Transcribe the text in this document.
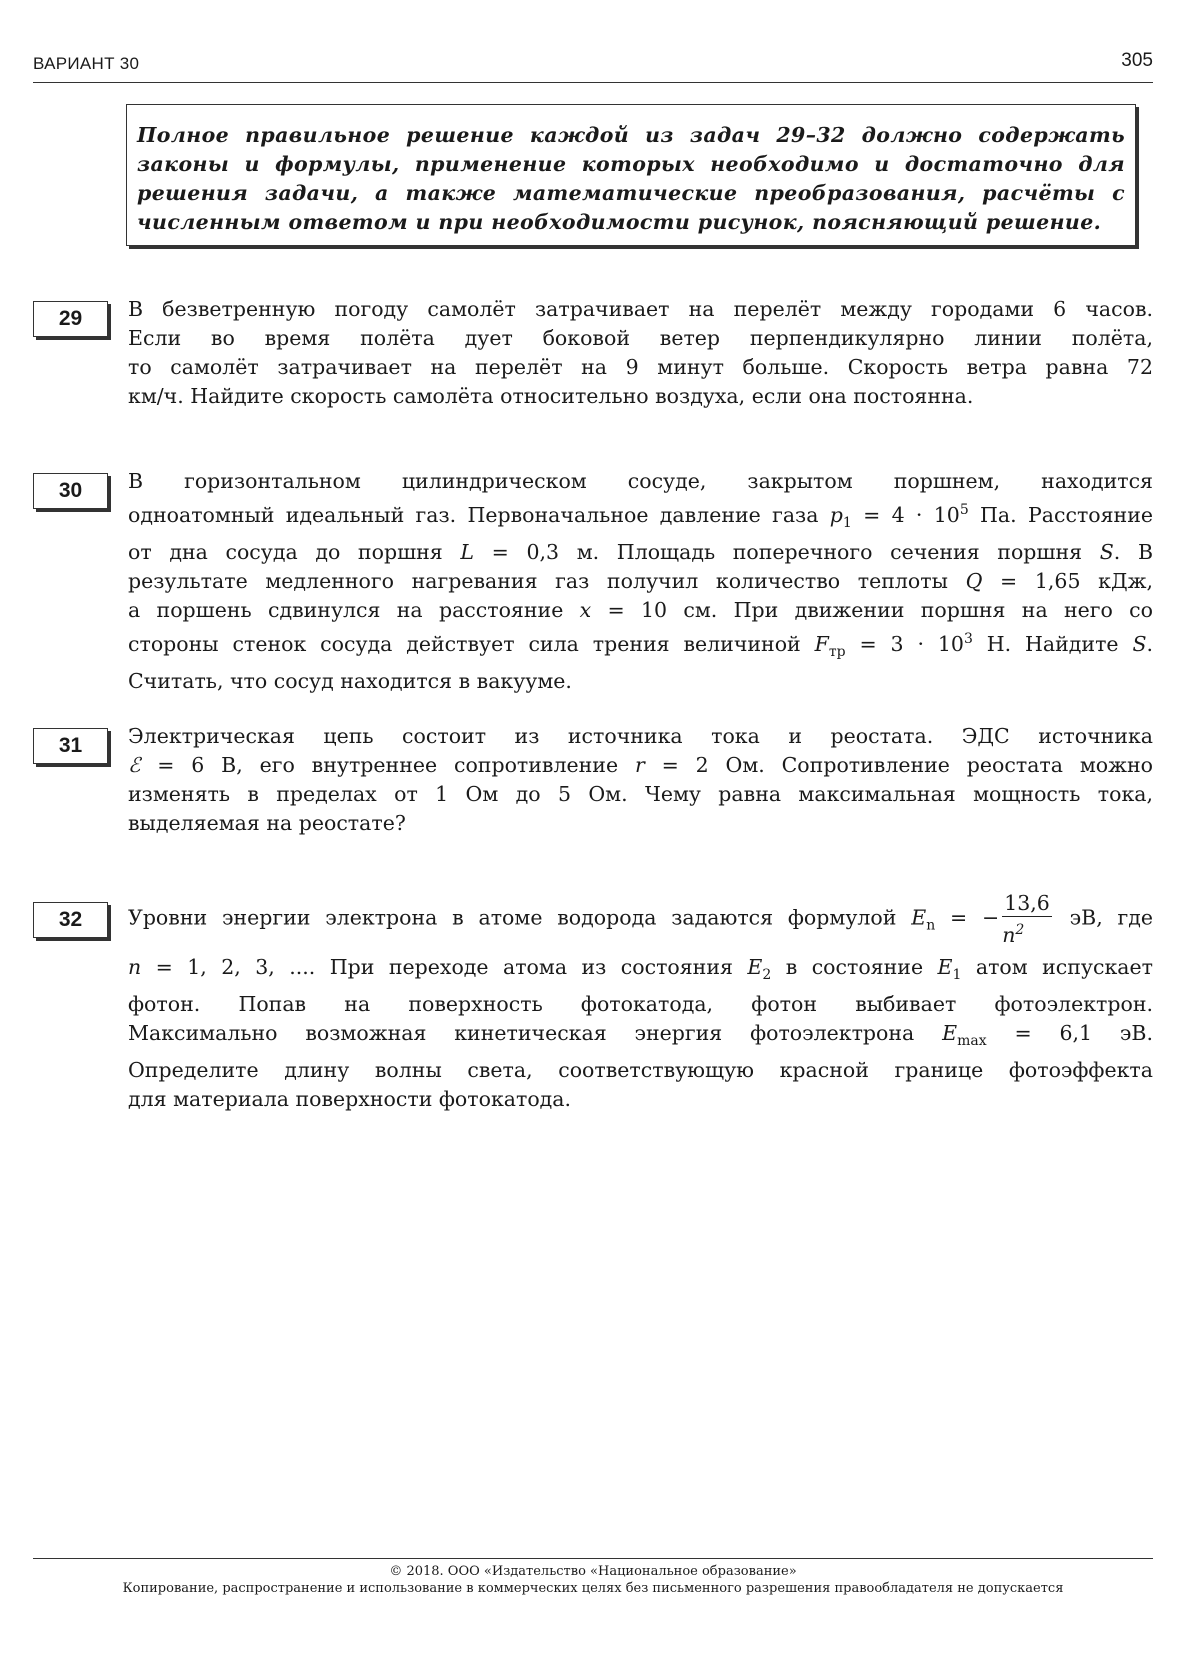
ВАРИАНТ 30	305
Полное правильное решение каждой из задач 29–32 должно содержать законы и формулы, применение которых необходимо и достаточно для решения задачи, а также математические преобразования, расчёты с численным ответом и при необходимости рисунок, поясняющий решение.
29	В безветренную погоду самолёт затрачивает на перелёт между городами 6 часов.
Если во время полёта дует боковой ветер перпендикулярно линии полёта,
то самолёт затрачивает на перелёт на 9 минут больше. Скорость ветра равна 72
км/ч. Найдите скорость самолёта относительно воздуха, если она постоянна.
30	В горизонтальном цилиндрическом сосуде, закрытом поршнем, находится
одноатомный идеальный газ. Первоначальное давление газа $p_1 = 4 \cdot 10^5$ Па. Расстояние
от дна сосуда до поршня L = 0,3 м. Площадь поперечного сечения поршня S. В
результате медленного нагревания газ получил количество теплоты Q = 1,65 кДж,
а поршень сдвинулся на расстояние x = 10 см. При движении поршня на него со
стороны стенок сосуда действует сила трения величиной $F_{тр} = 3 \cdot 10^3$ Н. Найдите S.
Считать, что сосуд находится в вакууме.
31	Электрическая цепь состоит из источника тока и реостата. ЭДС источника
ℰ = 6 В, его внутреннее сопротивление r = 2 Ом. Сопротивление реостата можно
изменять в пределах от 1 Ом до 5 Ом. Чему равна максимальная мощность тока,
выделяемая на реостате?
32	Уровни энергии электрона в атоме водорода задаются формулой $E_n$ = − $\frac{13,6}{n^2}$ эВ, где
n = 1, 2, 3, .... При переходе атома из состояния $E_2$ в состояние $E_1$ атом испускает
фотон. Попав на поверхность фотокатода, фотон выбивает фотоэлектрон.
Максимально возможная кинетическая энергия фотоэлектрона $E_{max} = 6,1$ эВ.
Определите длину волны света, соответствующую красной границе фотоэффекта
для материала поверхности фотокатода.
© 2018. ООО «Издательство «Национальное образование»
Копирование, распространение и использование в коммерческих целях без письменного разрешения правообладателя не допускается
